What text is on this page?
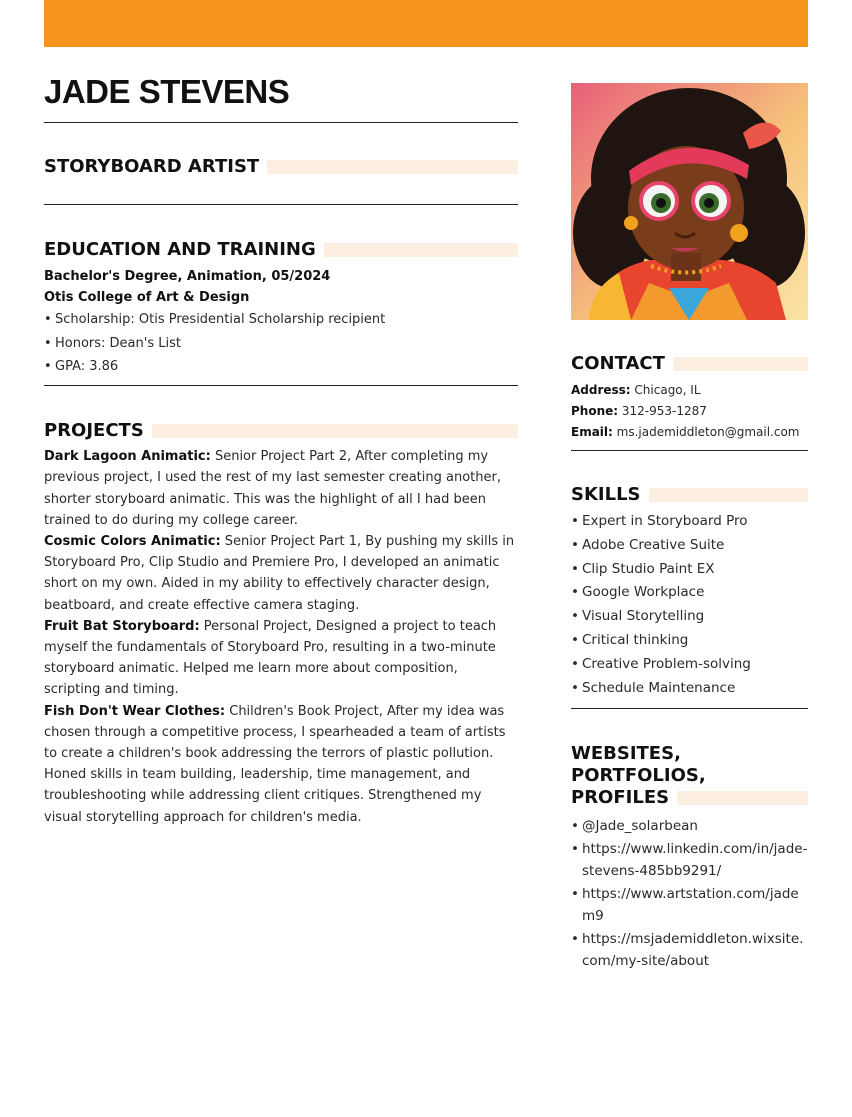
JADE STEVENS
STORYBOARD ARTIST
EDUCATION AND TRAINING
Bachelor's Degree, Animation, 05/2024
Otis College of Art & Design
• Scholarship: Otis Presidential Scholarship recipient
• Honors: Dean's List
• GPA: 3.86
PROJECTS

Dark Lagoon Animatic: Senior Project Part 2, After completing my previous project, I used the rest of my last semester creating another, shorter storyboard animatic. This was the highlight of all I had been trained to do during my college career.

Cosmic Colors Animatic: Senior Project Part 1, By pushing my skills in Storyboard Pro, Clip Studio and Premiere Pro, I developed an animatic short on my own. Aided in my ability to effectively character design, beatboard, and create effective camera staging.

Fruit Bat Storyboard: Personal Project, Designed a project to teach myself the fundamentals of Storyboard Pro, resulting in a two-minute storyboard animatic. Helped me learn more about composition, scripting and timing.

Fish Don't Wear Clothes: Children's Book Project, After my idea was chosen through a competitive process, I spearheaded a team of artists to create a children's book addressing the terrors of plastic pollution. Honed skills in team building, leadership, time management, and troubleshooting while addressing client critiques. Strengthened my visual storytelling approach for children's media.

CONTACT
Address: Chicago, IL
Phone: 312-953-1287
Email: ms.jademiddleton@gmail.com
SKILLS
• Expert in Storyboard Pro
• Adobe Creative Suite
• Clip Studio Paint EX
• Google Workplace
• Visual Storytelling
• Critical thinking
• Creative Problem-solving
• Schedule Maintenance
WEBSITES, PORTFOLIOS,
PROFILES
• @Jade_solarbean
• https://www.linkedin.com/in/jade-stevens-485bb9291/
• https://www.artstation.com/jadem9
• https://msjademiddleton.wixsite.com/my-site/about
